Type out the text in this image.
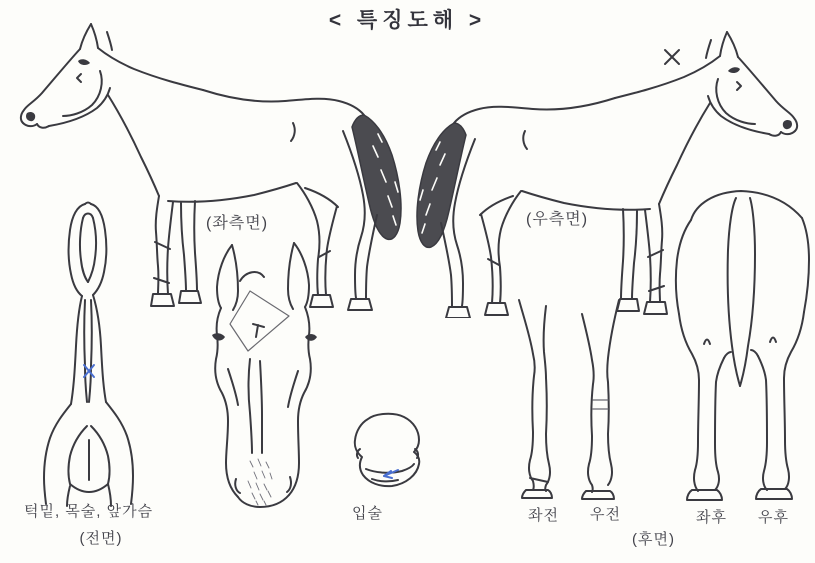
< 특징도해 >
(좌측면)	(우측면)
턱밑, 목술, 앞가슴
(전면)
입술	좌전 우전
(후면)
좌후 우후
